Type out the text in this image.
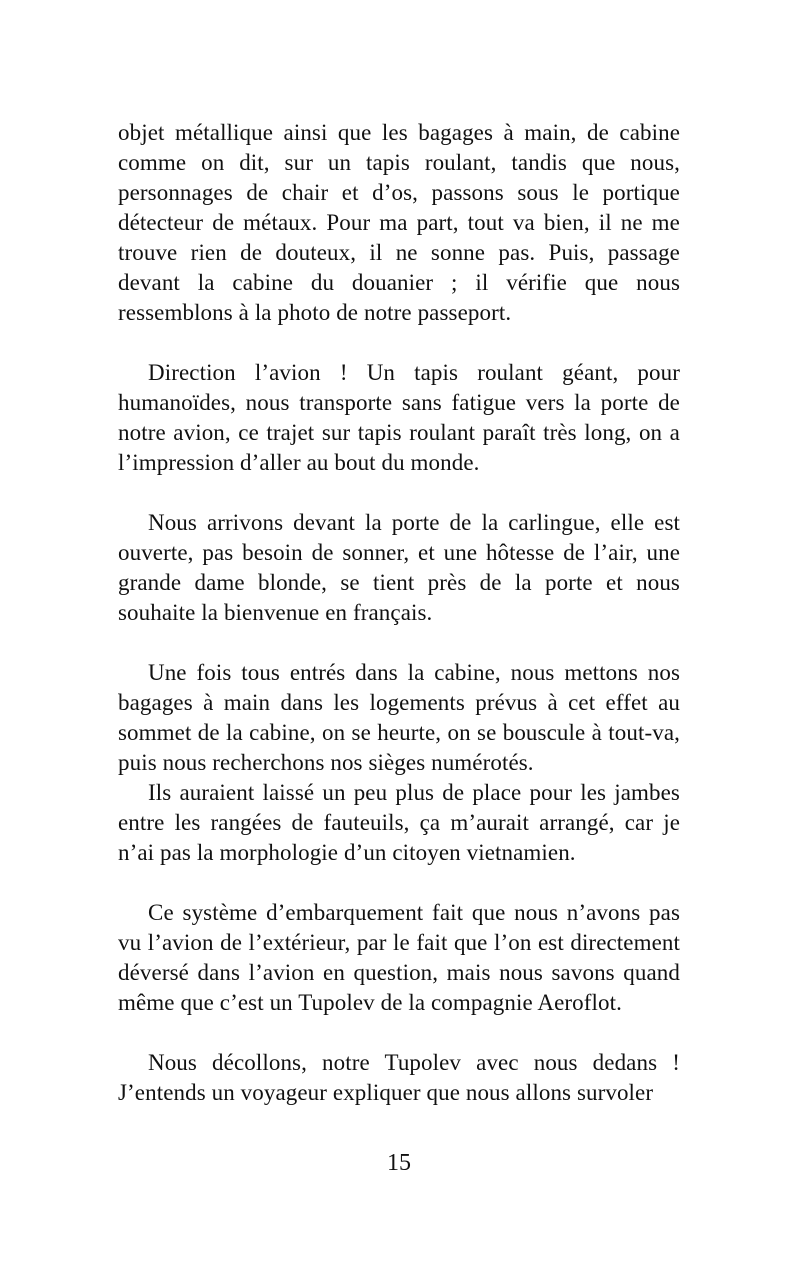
objet métallique ainsi que les bagages à main, de cabine comme on dit, sur un tapis roulant, tandis que nous, personnages de chair et d’os, passons sous le portique détecteur de métaux. Pour ma part, tout va bien, il ne me trouve rien de douteux, il ne sonne pas. Puis, passage devant la cabine du douanier ; il vérifie que nous ressemblons à la photo de notre passeport.

Direction l’avion ! Un tapis roulant géant, pour humanoïdes, nous transporte sans fatigue vers la porte de notre avion, ce trajet sur tapis roulant paraît très long, on a l’impression d’aller au bout du monde.

Nous arrivons devant la porte de la carlingue, elle est ouverte, pas besoin de sonner, et une hôtesse de l’air, une grande dame blonde, se tient près de la porte et nous souhaite la bienvenue en français.

Une fois tous entrés dans la cabine, nous mettons nos bagages à main dans les logements prévus à cet effet au sommet de la cabine, on se heurte, on se bouscule à tout-va, puis nous recherchons nos sièges numérotés.

Ils auraient laissé un peu plus de place pour les jambes entre les rangées de fauteuils, ça m’aurait arrangé, car je n’ai pas la morphologie d’un citoyen vietnamien.

Ce système d’embarquement fait que nous n’avons pas vu l’avion de l’extérieur, par le fait que l’on est directement déversé dans l’avion en question, mais nous savons quand même que c’est un Tupolev de la compagnie Aeroflot.

Nous décollons, notre Tupolev avec nous dedans ! J’entends un voyageur expliquer que nous allons survoler

15
